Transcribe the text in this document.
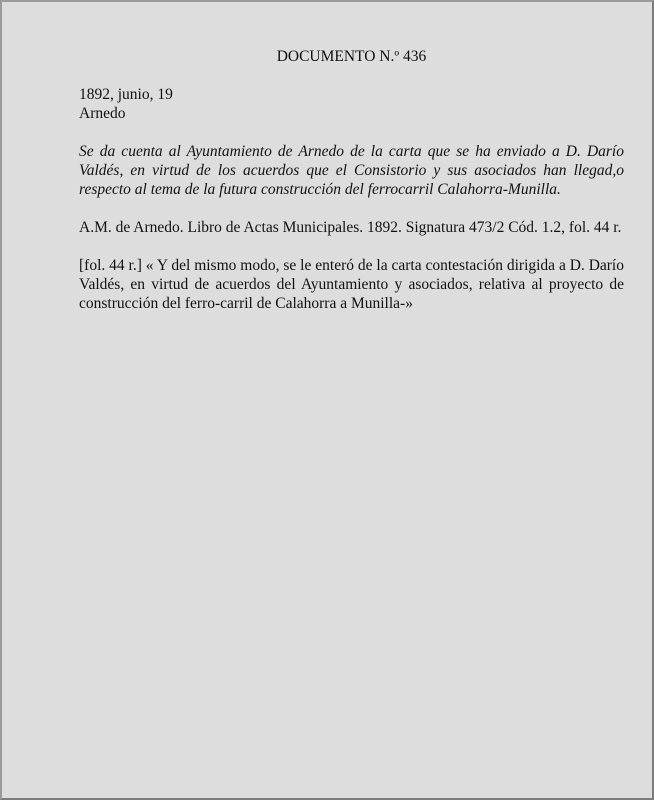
DOCUMENTO N.º 436

1892, junio, 19

Arnedo

Se da cuenta al Ayuntamiento de Arnedo de la carta que se ha enviado a D. Darío Valdés, en virtud de los acuerdos que el Consistorio y sus asociados han llegad,o respecto al tema de la futura construcción del ferrocarril Calahorra-Munilla.

A.M. de Arnedo. Libro de Actas Municipales. 1892. Signatura 473/2 Cód. 1.2, fol. 44 r.

[fol. 44 r.] « Y del mismo modo, se le enteró de la carta contestación dirigida a D. Darío Valdés, en virtud de acuerdos del Ayuntamiento y asociados, relativa al proyecto de construcción del ferro-carril de Calahorra a Munilla-»
